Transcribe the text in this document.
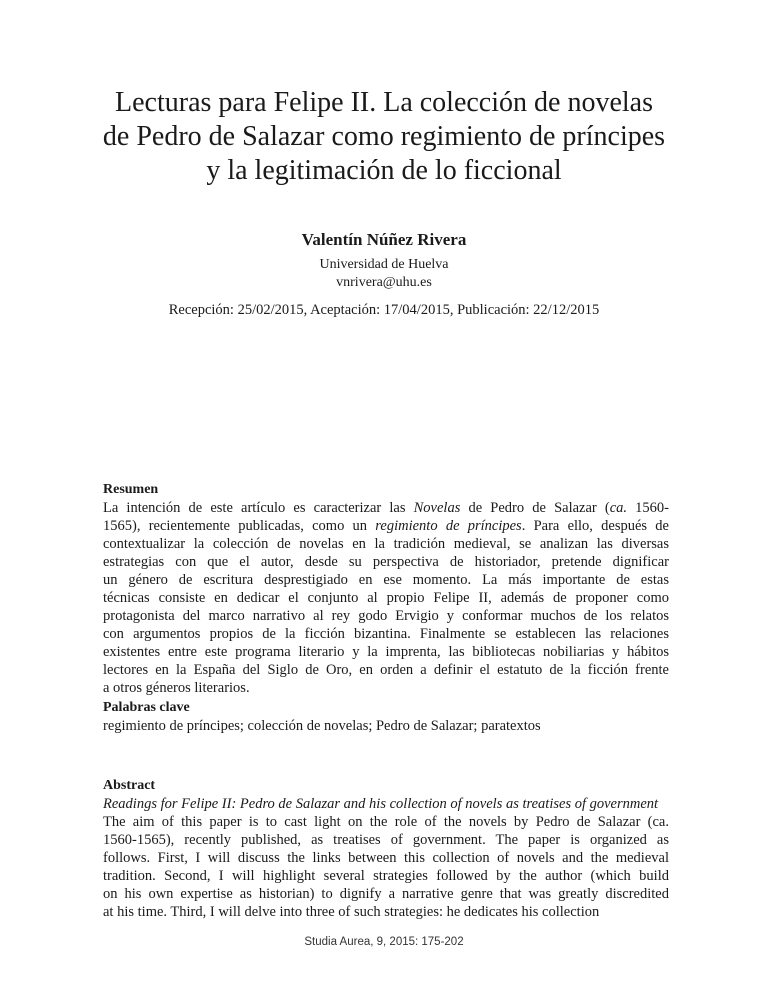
Lecturas para Felipe II. La colección de novelas
de Pedro de Salazar como regimiento de príncipes
y la legitimación de lo ficcional
Valentín Núñez Rivera
Universidad de Huelva
vnrivera@uhu.es
Recepción: 25/02/2015, Aceptación: 17/04/2015, Publicación: 22/12/2015
Resumen
La intención de este artículo es caracterizar las Novelas de Pedro de Salazar (ca. 1560-
1565), recientemente publicadas, como un regimiento de príncipes. Para ello, después de
contextualizar la colección de novelas en la tradición medieval, se analizan las diversas
estrategias con que el autor, desde su perspectiva de historiador, pretende dignificar
un género de escritura desprestigiado en ese momento. La más importante de estas
técnicas consiste en dedicar el conjunto al propio Felipe II, además de proponer como
protagonista del marco narrativo al rey godo Ervigio y conformar muchos de los relatos
con argumentos propios de la ficción bizantina. Finalmente se establecen las relaciones
existentes entre este programa literario y la imprenta, las bibliotecas nobiliarias y hábitos
lectores en la España del Siglo de Oro, en orden a definir el estatuto de la ficción frente
a otros géneros literarios.
Palabras clave
regimiento de príncipes; colección de novelas; Pedro de Salazar; paratextos
Abstract
Readings for Felipe II: Pedro de Salazar and his collection of novels as treatises of government
The aim of this paper is to cast light on the role of the novels by Pedro de Salazar (ca.
1560-1565), recently published, as treatises of government. The paper is organized as
follows. First, I will discuss the links between this collection of novels and the medieval
tradition. Second, I will highlight several strategies followed by the author (which build
on his own expertise as historian) to dignify a narrative genre that was greatly discredited
at his time. Third, I will delve into three of such strategies: he dedicates his collection
Studia Aurea, 9, 2015: 175-202
